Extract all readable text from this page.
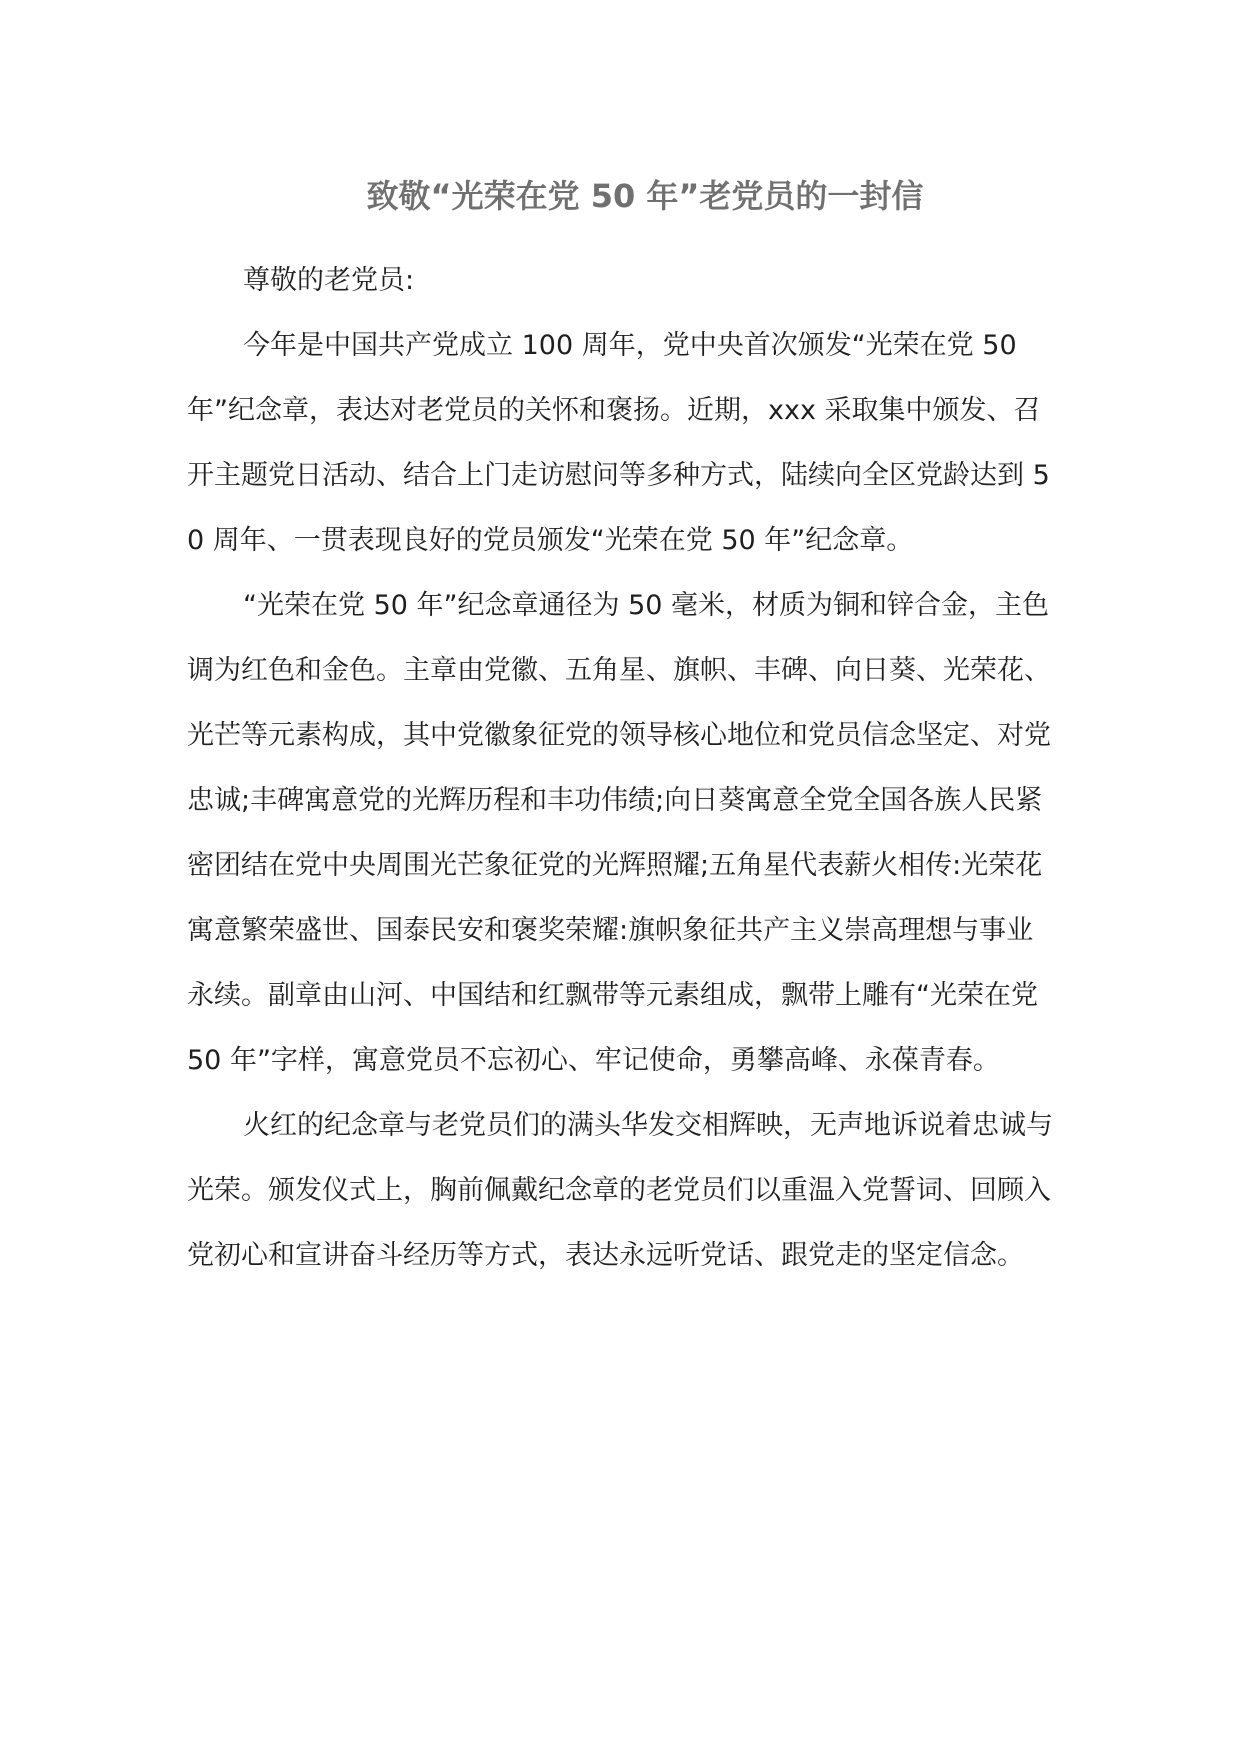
致敬“光荣在党 50 年”老党员的一封信

尊敬的老党员:

今年是中国共产党成立 100 周年，党中央首次颁发“光荣在党 50 年”纪念章，表达对老党员的关怀和褒扬。近期，xxx 采取集中颁发、召开主题党日活动、结合上门走访慰问等多种方式，陆续向全区党龄达到 50 周年、一贯表现良好的党员颁发“光荣在党 50 年”纪念章。

“光荣在党 50 年”纪念章通径为 50 毫米，材质为铜和锌合金，主色调为红色和金色。主章由党徽、五角星、旗帜、丰碑、向日葵、光荣花、光芒等元素构成，其中党徽象征党的领导核心地位和党员信念坚定、对党忠诚;丰碑寓意党的光辉历程和丰功伟绩;向日葵寓意全党全国各族人民紧密团结在党中央周围光芒象征党的光辉照耀;五角星代表薪火相传:光荣花寓意繁荣盛世、国泰民安和褒奖荣耀:旗帜象征共产主义崇高理想与事业永续。副章由山河、中国结和红飘带等元素组成，飘带上雕有“光荣在党 50 年”字样，寓意党员不忘初心、牢记使命，勇攀高峰、永葆青春。

火红的纪念章与老党员们的满头华发交相辉映，无声地诉说着忠诚与光荣。颁发仪式上，胸前佩戴纪念章的老党员们以重温入党誓词、回顾入党初心和宣讲奋斗经历等方式，表达永远听党话、跟党走的坚定信念。
